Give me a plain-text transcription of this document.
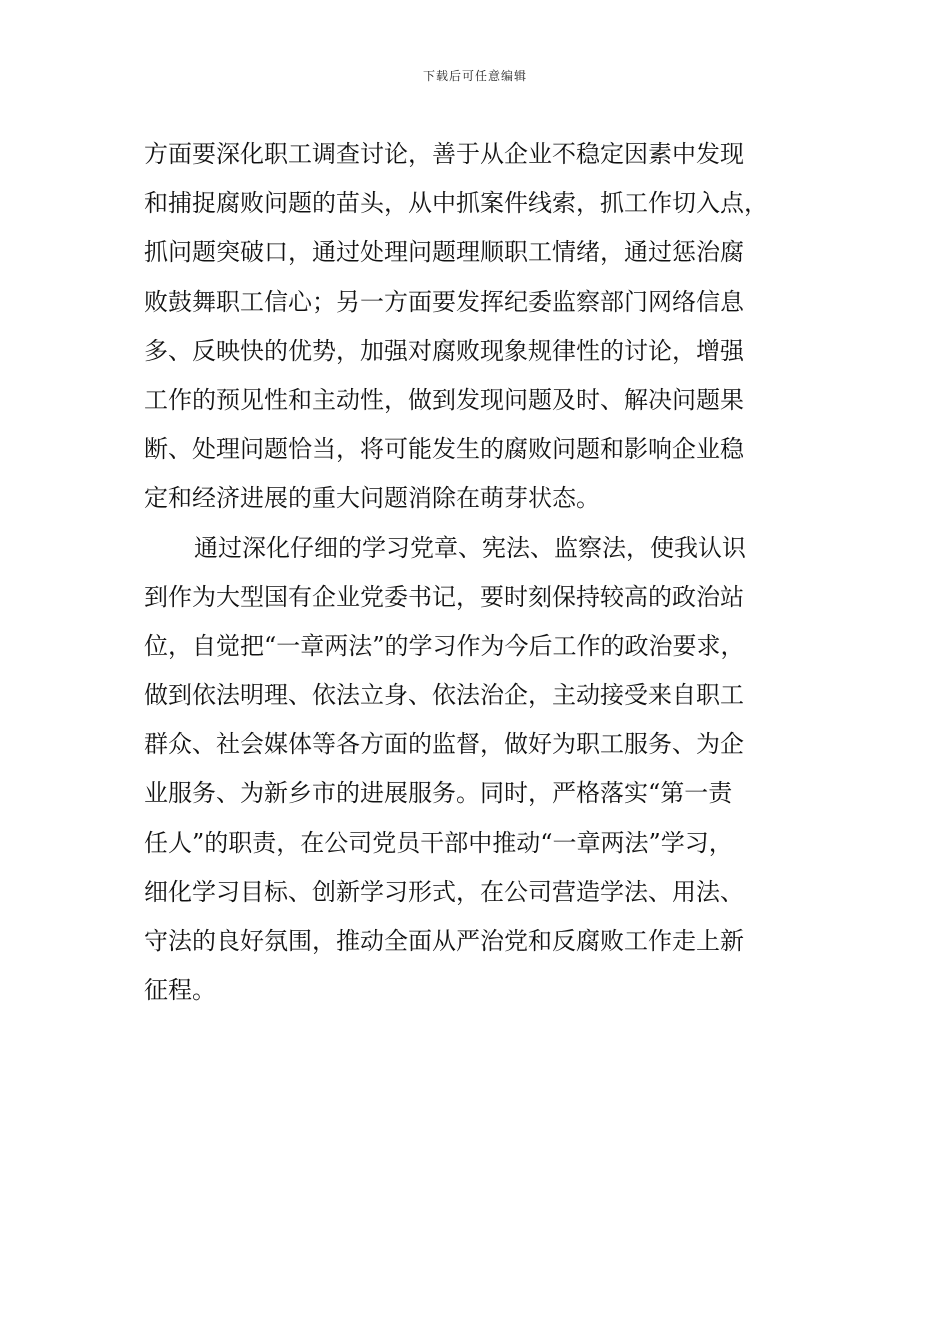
下载后可任意编辑
方面要深化职工调查讨论，善于从企业不稳定因素中发现
和捕捉腐败问题的苗头，从中抓案件线索，抓工作切入点，
抓问题突破口，通过处理问题理顺职工情绪，通过惩治腐
败鼓舞职工信心；另一方面要发挥纪委监察部门网络信息
多、反映快的优势，加强对腐败现象规律性的讨论，增强
工作的预见性和主动性，做到发现问题及时、解决问题果
断、处理问题恰当，将可能发生的腐败问题和影响企业稳
定和经济进展的重大问题消除在萌芽状态。
通过深化仔细的学习党章、宪法、监察法，使我认识
到作为大型国有企业党委书记，要时刻保持较高的政治站
位，自觉把“一章两法”的学习作为今后工作的政治要求，
做到依法明理、依法立身、依法治企，主动接受来自职工
群众、社会媒体等各方面的监督，做好为职工服务、为企
业服务、为新乡市的进展服务。同时，严格落实“第一责
任人”的职责，在公司党员干部中推动“一章两法”学习，
细化学习目标、创新学习形式，在公司营造学法、用法、
守法的良好氛围，推动全面从严治党和反腐败工作走上新
征程。
